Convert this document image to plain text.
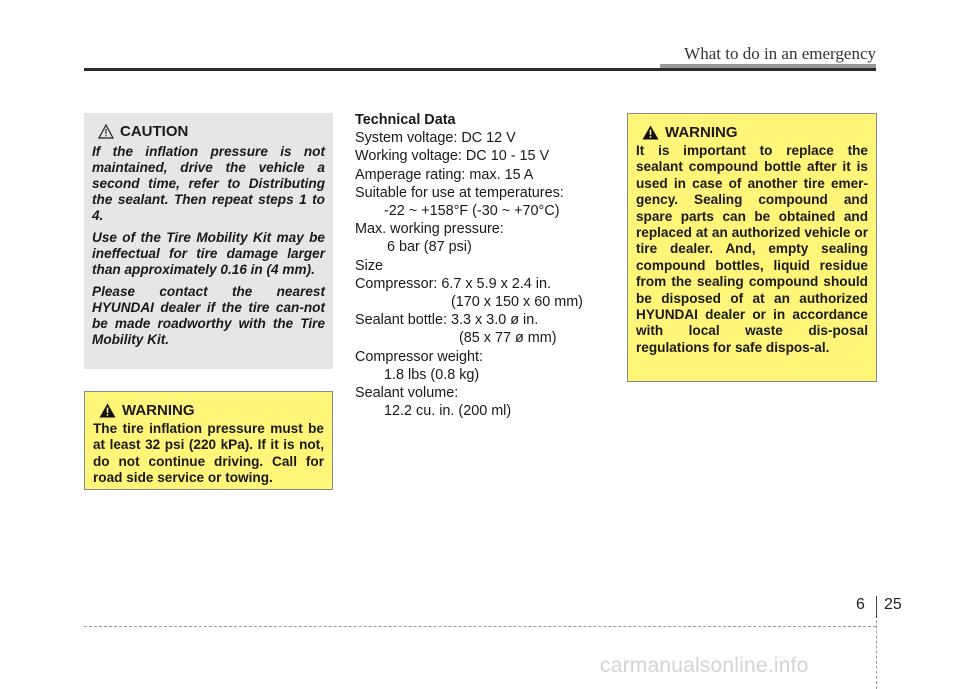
What to do in an emergency
CAUTION

If the inflation pressure is not maintained, drive the vehicle a second time, refer to Distributing the sealant. Then repeat steps 1 to 4.

Use of the Tire Mobility Kit may be ineffectual for tire damage larger than approximately 0.16 in (4 mm).

Please contact the nearest HYUNDAI dealer if the tire can-not be made roadworthy with the Tire Mobility Kit.

WARNING

The tire inflation pressure must be at least 32 psi (220 kPa). If it is not, do not continue driving. Call for road side service or towing.

Technical Data
System voltage: DC 12 V
Working voltage: DC 10 - 15 V
Amperage rating: max. 15 A
Suitable for use at temperatures:
-22 ~ +158°F (-30 ~ +70°C)
Max. working pressure:
6 bar (87 psi)
Size
Compressor: 6.7 x 5.9 x 2.4 in.
(170 x 150 x 60 mm)
Sealant bottle: 3.3 x 3.0 ø in.
(85 x 77 ø mm)
Compressor weight:
1.8 lbs (0.8 kg)
Sealant volume:
12.2 cu. in. (200 ml)
WARNING

It is important to replace the sealant compound bottle after it is used in case of another tire emer-gency. Sealing compound and spare parts can be obtained and replaced at an authorized vehicle or tire dealer. And, empty sealing compound bottles, liquid residue from the sealing compound should be disposed of at an authorized HYUNDAI dealer or in accordance with local waste dis-posal regulations for safe dispos-al.

6 25
carmanualsonline.info
